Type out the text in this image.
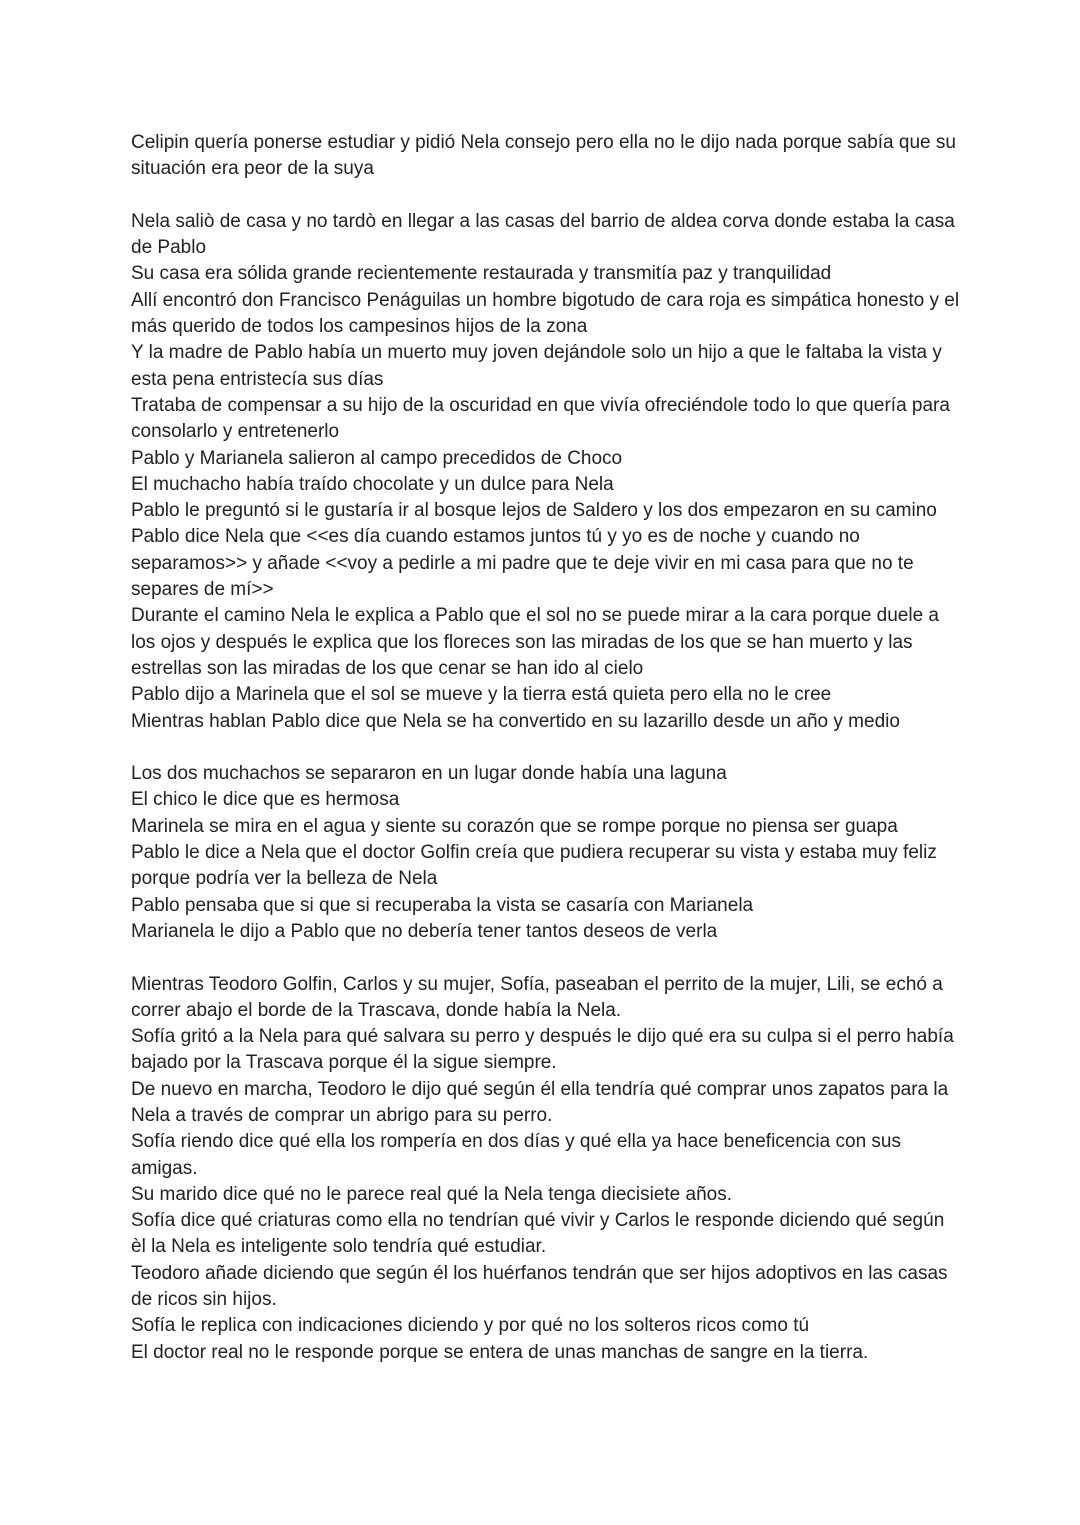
Celipin quería ponerse estudiar y pidió Nela consejo pero ella no le dijo nada porque sabía que su situación era peor de la suya
Nela saliò de casa y no tardò en llegar a las casas del barrio de aldea corva donde estaba la casa de Pablo
Su casa era sólida grande recientemente restaurada y transmitía paz y tranquilidad
Allí encontró don Francisco Penáguilas un hombre bigotudo de cara roja es simpática honesto y el más querido de todos los campesinos hijos de la zona
Y la madre de Pablo había un muerto muy joven dejándole solo un hijo a que le faltaba la vista y esta pena entristecía sus días
Trataba de compensar a su hijo de la oscuridad en que vivía ofreciéndole todo lo que quería para consolarlo y entretenerlo
Pablo y Marianela salieron al campo precedidos de Choco
El muchacho había traído chocolate y un dulce para Nela
Pablo le preguntó si le gustaría ir al bosque lejos de Saldero y los dos empezaron en su camino
Pablo dice Nela que <<es día cuando estamos juntos tú y yo es de noche y cuando no separamos>> y añade <<voy a pedirle a mi padre que te deje vivir en mi casa para que no te separes de mí>>
Durante el camino Nela le explica a Pablo que el sol no se puede mirar a la cara porque duele a los ojos y después le explica que los floreces son las miradas de los que se han muerto y las estrellas son las miradas de los que cenar se han ido al cielo
Pablo dijo a Marinela que el sol se mueve y la tierra está quieta pero ella no le cree
Mientras hablan Pablo dice que Nela se ha convertido en su lazarillo desde un año y medio
Los dos muchachos se separaron en un lugar donde había una laguna
El chico le dice que es hermosa
Marinela se mira en el agua y siente su corazón que se rompe porque no piensa ser guapa
Pablo le dice a Nela que el doctor Golfin creía que pudiera recuperar su vista y estaba muy feliz porque podría ver la belleza de Nela
Pablo pensaba que si que si recuperaba la vista se casaría con Marianela
Marianela le dijo a Pablo que no debería tener tantos deseos de verla
Mientras Teodoro Golfin, Carlos y su mujer, Sofía, paseaban el perrito de la mujer, Lili, se echó a correr abajo el borde de la Trascava, donde había la Nela.
Sofía gritó a la Nela para qué salvara su perro y después le dijo qué era su culpa si el perro había bajado por la Trascava porque él la sigue siempre.
De nuevo en marcha, Teodoro le dijo qué según él ella tendría qué comprar unos zapatos para la Nela a través de comprar un abrigo para su perro.
Sofía riendo dice qué ella los rompería en dos días y qué ella ya hace beneficencia con sus amigas.
Su marido dice qué no le parece real qué la Nela tenga diecisiete años.
Sofía dice qué criaturas como ella no tendrían qué vivir y Carlos le responde diciendo qué según èl la Nela es inteligente solo tendría qué estudiar.
Teodoro añade diciendo que según él los huérfanos tendrán que ser hijos adoptivos en las casas de ricos sin hijos.
Sofía le replica con indicaciones diciendo y por qué no los solteros ricos como tú
El doctor real no le responde porque se entera de unas manchas de sangre en la tierra.
